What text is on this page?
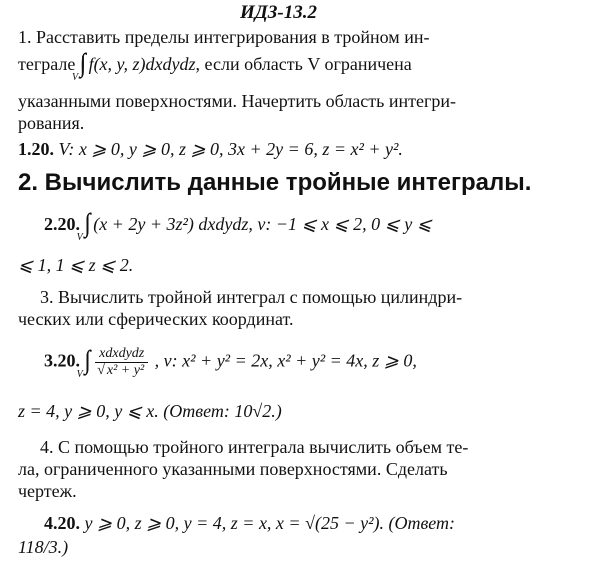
ИДЗ-13.2
1. Расставить пределы интегрирования в тройном ин-
теграле $\int\int\int_V$ f(x, y, z)dxdydz, если область V ограничена
указанными поверхностями. Начертить область интегри-
рования.
1.20. V: x ⩾ 0, y ⩾ 0, z ⩾ 0, 3x + 2y = 6, z = x² + y².
2. Вычислить данные тройные интегралы.
2.20. $\int\int\int_V$ (x + 2y + 3z²) dxdydz, v: −1 ⩽ x ⩽ 2, 0 ⩽ y ⩽
⩽ 1, 1 ⩽ z ⩽ 2.
3. Вычислить тройной интеграл с помощью цилиндри-
ческих или сферических координат.
3.20. $\int\int\int_V \frac{\text{xdxdydz}}{\text{√ x² + y²}}$ , v: x² + y² = 2x, x² + y² = 4x, z ⩾ 0,
z = 4, y ⩾ 0, y ⩽ x. (Ответ: 10√2.)
4. С помощью тройного интеграла вычислить объем те-
ла, ограниченного указанными поверхностями. Сделать
чертеж.
4.20. y ⩾ 0, z ⩾ 0, y = 4, z = x, x = √(25 − y²). (Ответ:
118/3.)
